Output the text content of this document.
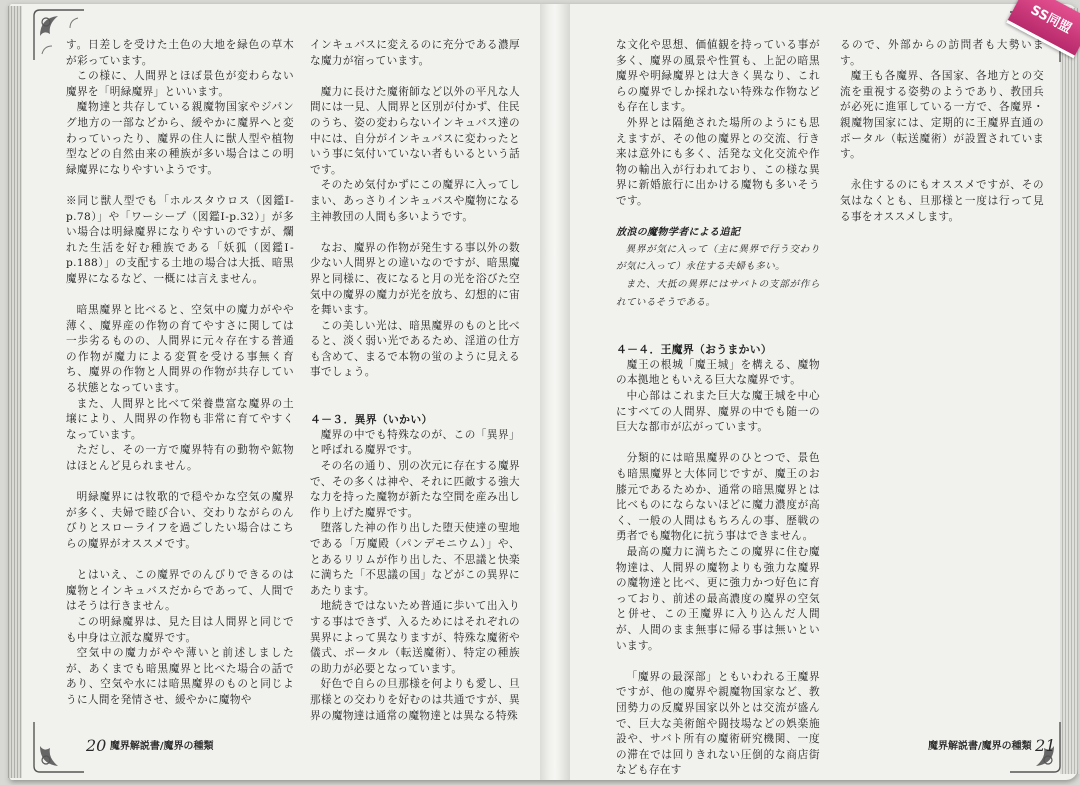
す。日差しを受けた土色の大地を緑色の草木が彩っています。

この様に、人間界とほぼ景色が変わらない魔界を「明緑魔界」といいます。

魔物達と共存している親魔物国家やジパング地方の一部などから、緩やかに魔界へと変わっていったり、魔界の住人に獣人型や植物型などの自然由来の種族が多い場合はこの明緑魔界になりやすいようです。

※同じ獣人型でも「ホルスタウロス（図鑑Ⅰ-p.78）」や「ワーシープ（図鑑Ⅰ-p.32）」が多い場合は明緑魔界になりやすいのですが、爛れた生活を好む種族である「妖狐（図鑑Ⅰ-p.188）」の支配する土地の場合は大抵、暗黒魔界になるなど、一概には言えません。

暗黒魔界と比べると、空気中の魔力がやや薄く、魔界産の作物の育てやすさに関しては一歩劣るものの、人間界に元々存在する普通の作物が魔力による変質を受ける事無く育ち、魔界の作物と人間界の作物が共存している状態となっています。

また、人間界と比べて栄養豊富な魔界の土壌により、人間界の作物も非常に育てやすくなっています。

ただし、その一方で魔界特有の動物や鉱物はほとんど見られません。

明緑魔界には牧歌的で穏やかな空気の魔界が多く、夫婦で睦び合い、交わりながらのんびりとスローライフを過ごしたい場合はこちらの魔界がオススメです。

とはいえ、この魔界でのんびりできるのは魔物とインキュバスだからであって、人間ではそうは行きません。

この明緑魔界は、見た目は人間界と同じでも中身は立派な魔界です。

空気中の魔力がやや薄いと前述しましたが、あくまでも暗黒魔界と比べた場合の話であり、空気や水には暗黒魔界のものと同じように人間を発情させ、緩やかに魔物や

インキュバスに変えるのに充分である濃厚な魔力が宿っています。

魔力に長けた魔術師など以外の平凡な人間には一見、人間界と区別が付かず、住民のうち、姿の変わらないインキュバス達の中には、自分がインキュバスに変わったという事に気付いていない者もいるという話です。

そのため気付かずにこの魔界に入ってしまい、あっさりインキュバスや魔物になる主神教団の人間も多いようです。

なお、魔界の作物が発生する事以外の数少ない人間界との違いなのですが、暗黒魔界と同様に、夜になると月の光を浴びた空気中の魔界の魔力が光を放ち、幻想的に宙を舞います。

この美しい光は、暗黒魔界のものと比べると、淡く弱い光であるため、淫道の仕方も含めて、まるで本物の蛍のように見える事でしょう。

４－３．異界（いかい）

魔界の中でも特殊なのが、この「異界」と呼ばれる魔界です。

その名の通り、別の次元に存在する魔界で、その多くは神や、それに匹敵する強大な力を持った魔物が新たな空間を産み出し作り上げた魔界です。

堕落した神の作り出した堕天使達の聖地である「万魔殿（パンデモニウム）」や、とあるリリムが作り出した、不思議と快楽に満ちた「不思議の国」などがこの異界にあたります。

地続きではないため普通に歩いて出入りする事はできず、入るためにはそれぞれの異界によって異なりますが、特殊な魔術や儀式、ポータル（転送魔術）、特定の種族の助力が必要となっています。

好色で自らの旦那様を何よりも愛し、旦那様との交わりを好むのは共通ですが、異界の魔物達は通常の魔物達とは異なる特殊

20 魔界解説書/魔界の種類

な文化や思想、価値観を持っている事が多く、魔界の風景や性質も、上記の暗黒魔界や明緑魔界とは大きく異なり、これらの魔界でしか採れない特殊な作物なども存在します。

外界とは隔絶された場所のようにも思えますが、その他の魔界との交流、行き来は意外にも多く、活発な文化交流や作物の輸出入が行われており、この様な異界に新婚旅行に出かける魔物も多いそうです。

放浪の魔物学者による追記

異界が気に入って（主に異界で行う交わりが気に入って）永住する夫婦も多い。

また、大抵の異界にはサバトの支部が作られているそうである。

４－４．王魔界（おうまかい）

魔王の根城「魔王城」を構える、魔物の本拠地ともいえる巨大な魔界です。

中心部はこれまた巨大な魔王城を中心にすべての人間界、魔界の中でも随一の巨大な都市が広がっています。

分類的には暗黒魔界のひとつで、景色も暗黒魔界と大体同じですが、魔王のお膝元であるためか、通常の暗黒魔界とは比べものにならないほどに魔力濃度が高く、一般の人間はもちろんの事、歴戦の勇者でも魔物化に抗う事はできません。

最高の魔力に満ちたこの魔界に住む魔物達は、人間界の魔物よりも強力な魔界の魔物達と比べ、更に強力かつ好色に育っており、前述の最高濃度の魔界の空気と併せ、この王魔界に入り込んだ人間が、人間のまま無事に帰る事は無いといいます。

「魔界の最深部」ともいわれる王魔界ですが、他の魔界や親魔物国家など、教団勢力の反魔界国家以外とは交流が盛んで、巨大な美術館や闘技場などの娯楽施設や、サバト所有の魔術研究機関、一度の滞在では回りきれない圧倒的な商店街なども存在す

るので、外部からの訪問者も大勢います。

魔王も各魔界、各国家、各地方との交流を重視する姿勢のようであり、教団兵が必死に進軍している一方で、各魔界・親魔物国家には、定期的に王魔界直通のポータル（転送魔術）が設置されています。

永住するのにもオススメですが、その気はなくとも、旦那様と一度は行って見る事をオススメします。

魔界解説書/魔界の種類 21
SS同盟
